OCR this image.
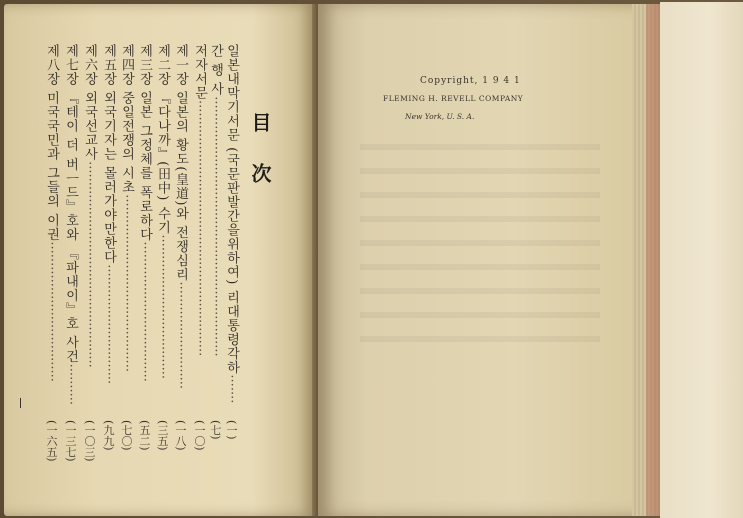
目 次
일본내막기서문 (국문판발간을위하여) 리대통령각하·······
(一)
간 행 사·······························································
(七)
저자서문······························································
(一〇)
제一장 일본의 황도(皇道)와 전쟁심리··························
(一八)
제二장 『다나까』(田中) 수기···································
(三五)
제三장 일본 그정체를 폭로하다··································
(五二)
제四장 중일전쟁의 시초···········································
(七〇)
제五장 외국기자는 몰러가야만한다·····························
(九九)
제六장 외국선교사··················································
(一〇三)
제七장 『테이 더 버ㅡ드』호와 『파내이』호 사건··········
(一三七)
제八장 미국국민과 그들의 이권··································
(一六五)
Copyright, 1 9 4 1
FLEMING H. REVELL COMPANY
New York, U. S. A.
